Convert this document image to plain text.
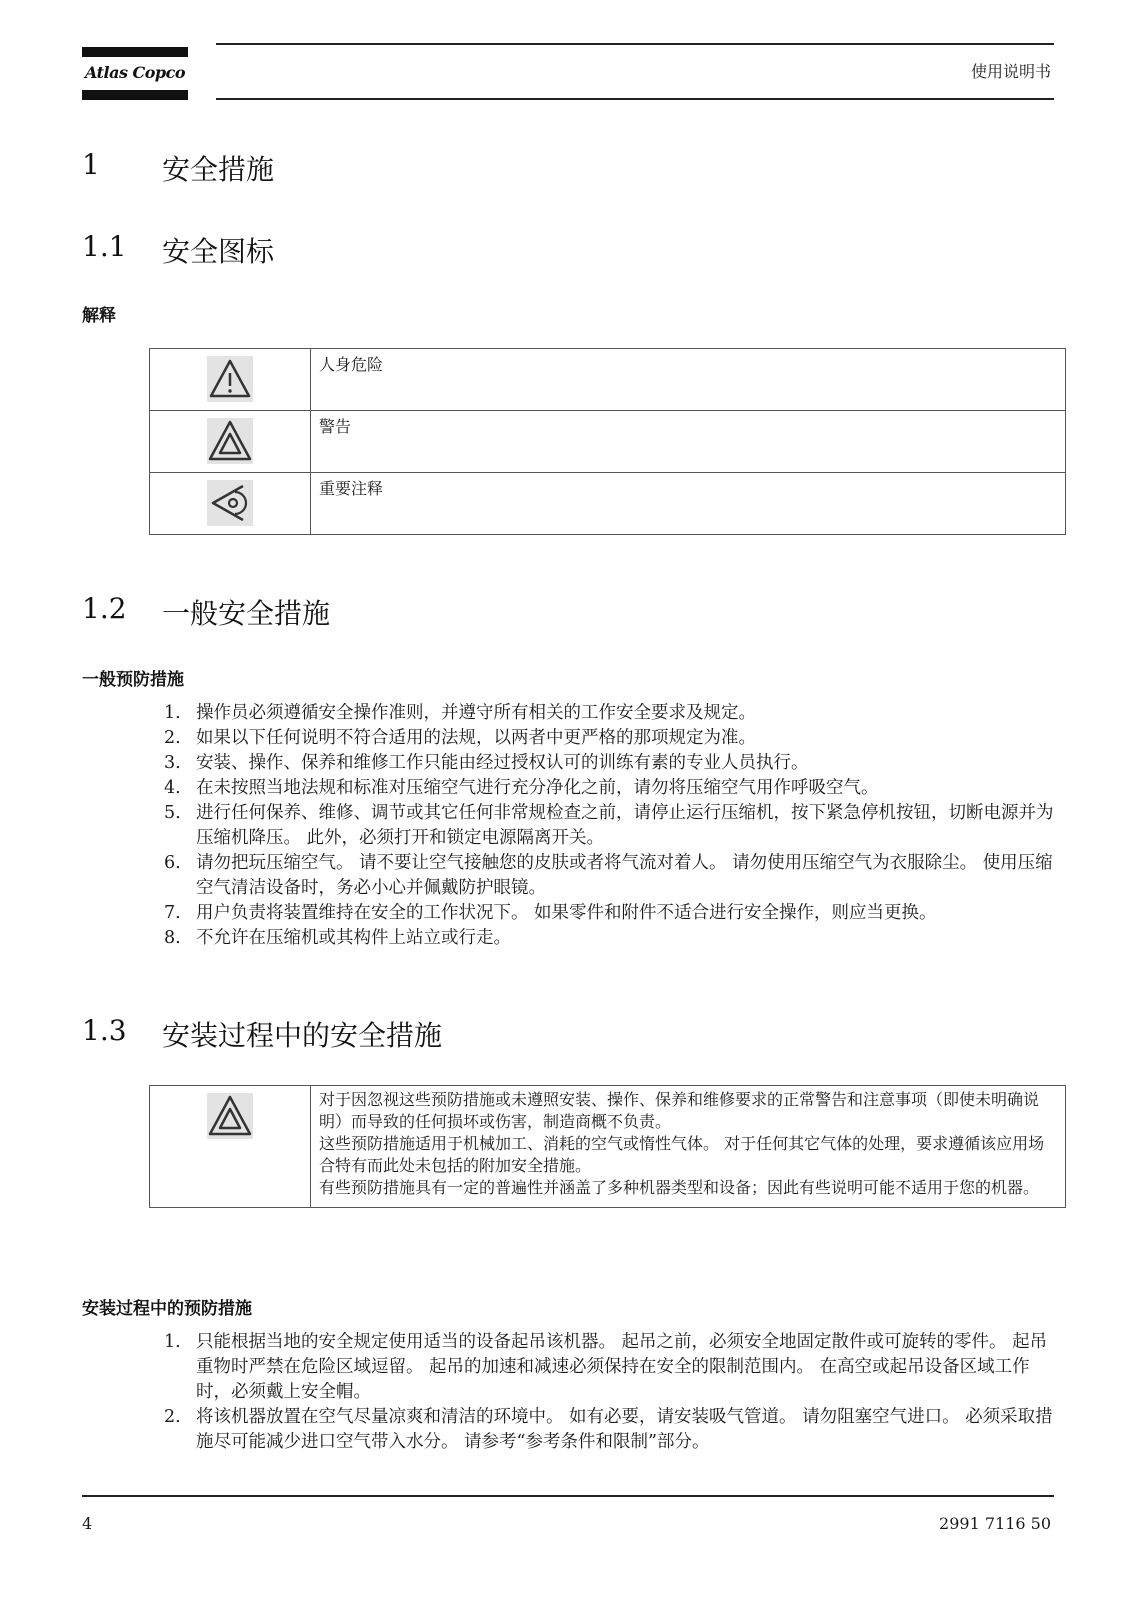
Atlas Copco	使用说明书
1 安全措施
1.1 安全图标
解释
	人身危险

	警告

	重要注释
1.2 一般安全措施
一般预防措施
1. 操作员必须遵循安全操作准则，并遵守所有相关的工作安全要求及规定。
2. 如果以下任何说明不符合适用的法规，以两者中更严格的那项规定为准。
3. 安装、操作、保养和维修工作只能由经过授权认可的训练有素的专业人员执行。
4. 在未按照当地法规和标准对压缩空气进行充分净化之前，请勿将压缩空气用作呼吸空气。
5. 进行任何保养、维修、调节或其它任何非常规检查之前，请停止运行压缩机，按下紧急停机按钮，切断电源并为压缩机降压。 此外，必须打开和锁定电源隔离开关。
6. 请勿把玩压缩空气。 请不要让空气接触您的皮肤或者将气流对着人。 请勿使用压缩空气为衣服除尘。 使用压缩空气清洁设备时，务必小心并佩戴防护眼镜。
7. 用户负责将装置维持在安全的工作状况下。 如果零件和附件不适合进行安全操作，则应当更换。
8. 不允许在压缩机或其构件上站立或行走。
1.3 安装过程中的安全措施

对于因忽视这些预防措施或未遵照安装、操作、保养和维修要求的正常警告和注意事项（即使未明确说明）而导致的任何损坏或伤害，制造商概不负责。
这些预防措施适用于机械加工、消耗的空气或惰性气体。 对于任何其它气体的处理，要求遵循该应用场合特有而此处未包括的附加安全措施。
有些预防措施具有一定的普遍性并涵盖了多种机器类型和设备；因此有些说明可能不适用于您的机器。
安装过程中的预防措施
1. 只能根据当地的安全规定使用适当的设备起吊该机器。 起吊之前，必须安全地固定散件或可旋转的零件。 起吊重物时严禁在危险区域逗留。 起吊的加速和减速必须保持在安全的限制范围内。 在高空或起吊设备区域工作时，必须戴上安全帽。
2. 将该机器放置在空气尽量凉爽和清洁的环境中。 如有必要，请安装吸气管道。 请勿阻塞空气进口。 必须采取措施尽可能减少进口空气带入水分。 请参考“参考条件和限制”部分。
4	2991 7116 50
